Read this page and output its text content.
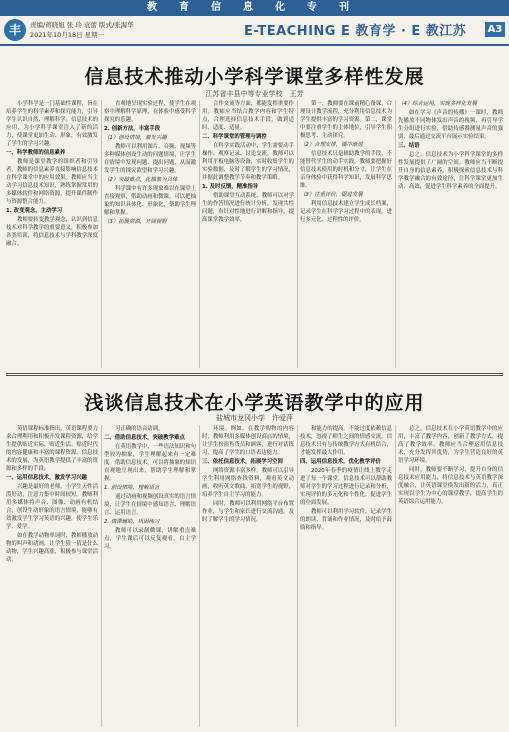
教	育	信	息	化	专	刊
丰	责编/蒋晓旭 张 玲 袁蕾 版式/张海华
2021年10月18日 星期一	E-TEACHING E 教育学 · E 教江苏 A3
信息技术推动小学科学课堂多样性发展
江苏省丰县中等专业学校　王芳

小学科学是一门基础性课程，旨在培养学生的科学素养和探究能力，引导学生认识自然、理解科学。信息技术的应用，为小学科学课堂注入了新的活力，使课堂更加生动、形象，有效激发了学生的学习兴趣。

一、科学教师的信息素养

教师是课堂教学的组织者和引导者，教师的信息素养直接影响信息技术在科学课堂中的应用效果。教师应当主动学习信息技术知识，熟练掌握常用的多媒体软件和网络资源，提升课件制作与资源整合能力。

1. 改变观念，主动学习

教师要转变教学观念，认识到信息技术对科学教学的重要意义，积极参加各类培训，将信息技术与学科教学深度融合。

直观地呈现实验过程，使学生在观察中理解科学原理，在体验中感受科学探究的乐趣。

2. 创新方法，丰富手段

（1）创设情境，激发兴趣

教师可以利用图片、音频、视频等多种媒体创设生动的问题情境，让学生在情境中发现问题、提出问题，从而激发学生的探究欲望和学习兴趣。

（2）突破难点，化抽象为具体

科学课中有许多现象难以在课堂上直接观察，借助动画和微课，可以把抽象的知识具体化、形象化，帮助学生理解和掌握。

（3）拓展资源，开阔视野

合作交流等方面，都能发挥重要作用。教师应当结合教学内容和学生特点，合理选择信息技术手段，做到适时、适度、适量。

二、科学课堂的管理与调控

在科学实践活动中，学生需要动手操作、观察记录、讨论交流。教师可以利用平板电脑等设备，实时收集学生的实验数据，及时了解学生的学习情况，并据此调整教学节奏和教学策略。

1. 及时反馈，精准指导

借助课堂互动系统，教师可以对学生的作答情况进行统计分析，发现共性问题，有针对性地进行讲解和指导，提高课堂教学效率。

第一，教师要在课前精心备课，合理设计教学流程，充分利用信息技术为学生提供丰富的学习资源。第二，课堂中要注重学生的主体地位，引导学生积极思考、主动探究。

（2）合理安排，循序渐进

信息技术只是辅助教学的手段，不能替代学生的动手实践。教师要把握好信息技术使用的时机和分寸，让学生在亲身体验中获得科学知识，发展科学思维。

（3）注重评价，促进发展

利用信息技术建立学生成长档案，记录学生在科学学习过程中的表现，进行多元化、过程性的评价。

（4）综合运用，实现多样化发展

如在学习《声音的传播》一课时，教师先播放不同物体发出声音的视频，再引导学生分组进行实验，借助传感器测量声音的强弱，最后通过交流平台展示实验结果。

三、结语

总之，信息技术为小学科学课堂的多样性发展提供了广阔的空间。教师应当不断提升自身的信息素养，积极探索信息技术与科学教学融合的有效途径，让科学课堂更加生动、高效，促进学生科学素养的全面提升。

浅谈信息技术在小学英语教学中的应用
盐城市龙冈小学　许爱萍

英语课程标准指出，英语课程要力求合理利用和积极开发课程资源，给学生提供贴近实际、贴近生活、贴近时代的内容健康和丰富的课程资源。信息技术的发展，为英语教学提供了丰富的资源和多样的手段。

一、运用信息技术，激发学习兴趣

兴趣是最好的老师。小学生天性活泼好动，注意力集中时间较短。教师利用多媒体将声音、图像、动画有机结合，创设生动形象的语言情境，能够有效激发学生学习英语的兴趣，使学生乐学、爱学。

如在教学动物单词时，教师播放动物的叫声和动画，让学生猜一猜是什么动物，学生兴趣高涨，积极参与课堂活动。

习正确的语音语调。

二、借助信息技术，突破教学难点

在英语教学中，一些语法知识和句型较为抽象，学生理解起来有一定难度。借助信息技术，可以将抽象的知识直观地呈现出来，帮助学生理解和掌握。

1. 创设情境，理解语言

通过动画和视频创设真实的语言情境，让学生在情境中感知语言、理解语言、运用语言。

2. 微课辅助，巩固练习

教师可以录制微课，讲解重点难点，学生课后可以反复观看，自主学习。

环境。例如，在教学购物的内容时，教师利用多媒体创设商店的情境，让学生扮演售货员和顾客，进行对话练习，提高了学生的口语表达能力。

三、依托信息技术，拓展学习空间

网络资源丰富多样，教师可以引导学生利用网络查找资料，观看英文动画，收听英文歌曲，拓宽学生的视野，培养学生自主学习的能力。

同时，教师可以利用网络平台布置作业，与学生和家长进行交流沟通，及时了解学生的学习情况。

和能力的提高。不能过度依赖信息技术，忽视了师生之间的情感交流，信息技术只有与传统教学方式有机结合，才能发挥最大作用。

四、运用信息技术，优化教学评价

2020年春季的疫情让线上教学走进了每一个课堂。信息技术可以帮助教师对学生的学习过程进行记录和分析，实现评价的多元化和个性化，促进学生的全面发展。

教师可以利用学习软件，记录学生的朗读、背诵和作业情况，及时给予鼓励和指导。

总之，信息技术在小学英语教学中的应用，丰富了教学内容，创新了教学方式，提高了教学效率。教师应当合理运用信息技术，充分发挥其优势，为学生营造良好的英语学习环境。

同时，教师要不断学习，提升自身的信息技术应用能力，将信息技术与英语教学深度融合，让英语课堂焕发出新的活力，真正实现以学生为中心的课堂教学，提高学生的英语综合运用能力。
